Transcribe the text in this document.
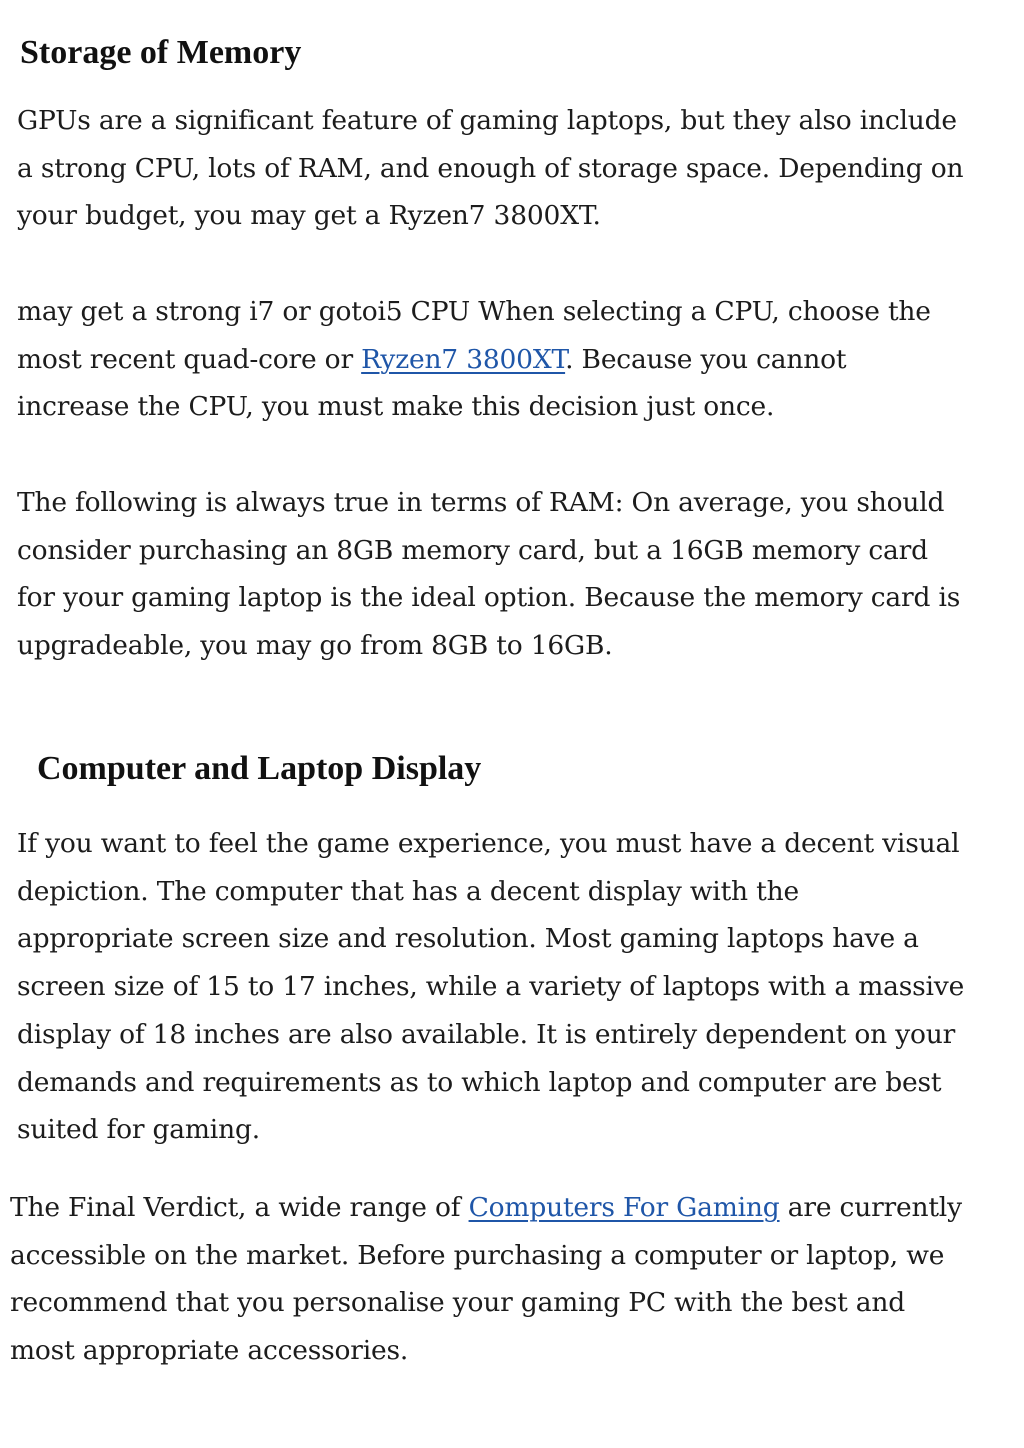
Storage of Memory

GPUs are a significant feature of gaming laptops, but they also include
a strong CPU, lots of RAM, and enough of storage space. Depending on
your budget, you may get a Ryzen7 3800XT.

may get a strong i7 or gotoi5 CPU When selecting a CPU, choose the
most recent quad-core or Ryzen7 3800XT. Because you cannot
increase the CPU, you must make this decision just once.

The following is always true in terms of RAM: On average, you should
consider purchasing an 8GB memory card, but a 16GB memory card
for your gaming laptop is the ideal option. Because the memory card is
upgradeable, you may go from 8GB to 16GB.

Computer and Laptop Display

If you want to feel the game experience, you must have a decent visual
depiction. The computer that has a decent display with the
appropriate screen size and resolution. Most gaming laptops have a
screen size of 15 to 17 inches, while a variety of laptops with a massive
display of 18 inches are also available. It is entirely dependent on your
demands and requirements as to which laptop and computer are best
suited for gaming.

The Final Verdict, a wide range of Computers For Gaming are currently
accessible on the market. Before purchasing a computer or laptop, we
recommend that you personalise your gaming PC with the best and
most appropriate accessories.
